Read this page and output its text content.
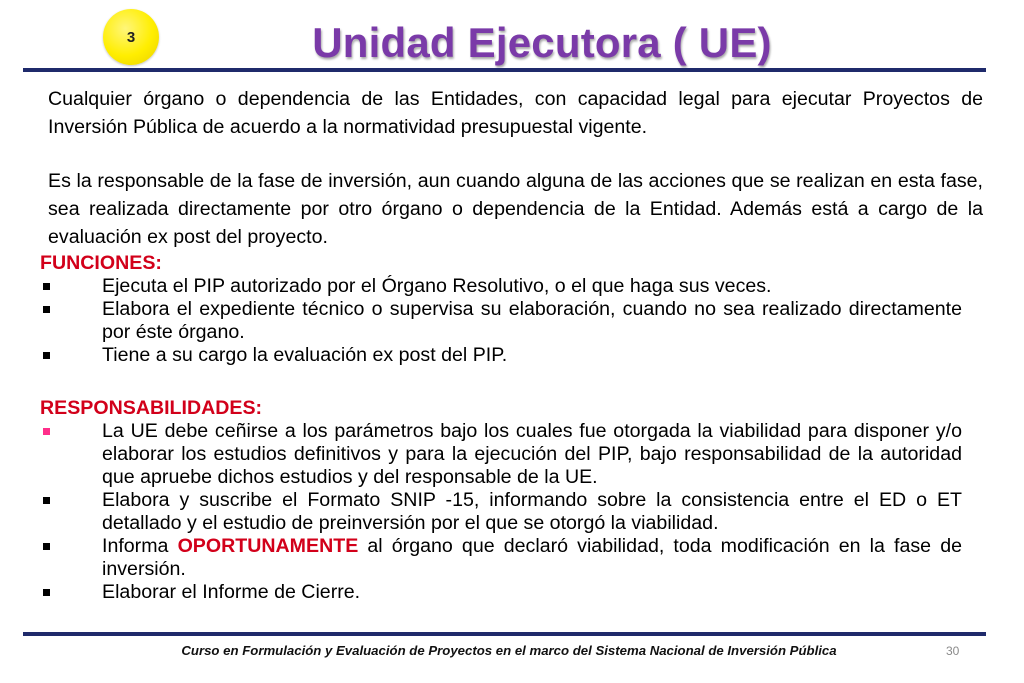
3	Unidad Ejecutora ( UE)
Cualquier órgano o dependencia de las Entidades, con capacidad legal para ejecutar Proyectos de Inversión Pública de acuerdo a la normatividad presupuestal vigente.
Es la responsable de la fase de inversión, aun cuando alguna de las acciones que se realizan en esta fase, sea realizada directamente por otro órgano o dependencia de la Entidad. Además está a cargo de la evaluación ex post del proyecto.
FUNCIONES:
Ejecuta el PIP autorizado por el Órgano Resolutivo, o el que haga sus veces.
Elabora el expediente técnico o supervisa su elaboración, cuando no sea realizado directamente por éste órgano.
Tiene a su cargo la evaluación ex post del PIP.
RESPONSABILIDADES:
La UE debe ceñirse a los parámetros bajo los cuales fue otorgada la viabilidad para disponer y/o elaborar los estudios definitivos y para la ejecución del PIP, bajo responsabilidad de la autoridad que apruebe dichos estudios y del responsable de la UE.
Elabora y suscribe el Formato SNIP -15, informando sobre la consistencia entre el ED o ET detallado y el estudio de preinversión por el que se otorgó la viabilidad.
Informa OPORTUNAMENTE al órgano que declaró viabilidad, toda modificación en la fase de inversión.
Elaborar el Informe de Cierre.
Curso en Formulación y Evaluación de Proyectos en el marco del Sistema Nacional de Inversión Pública	30
